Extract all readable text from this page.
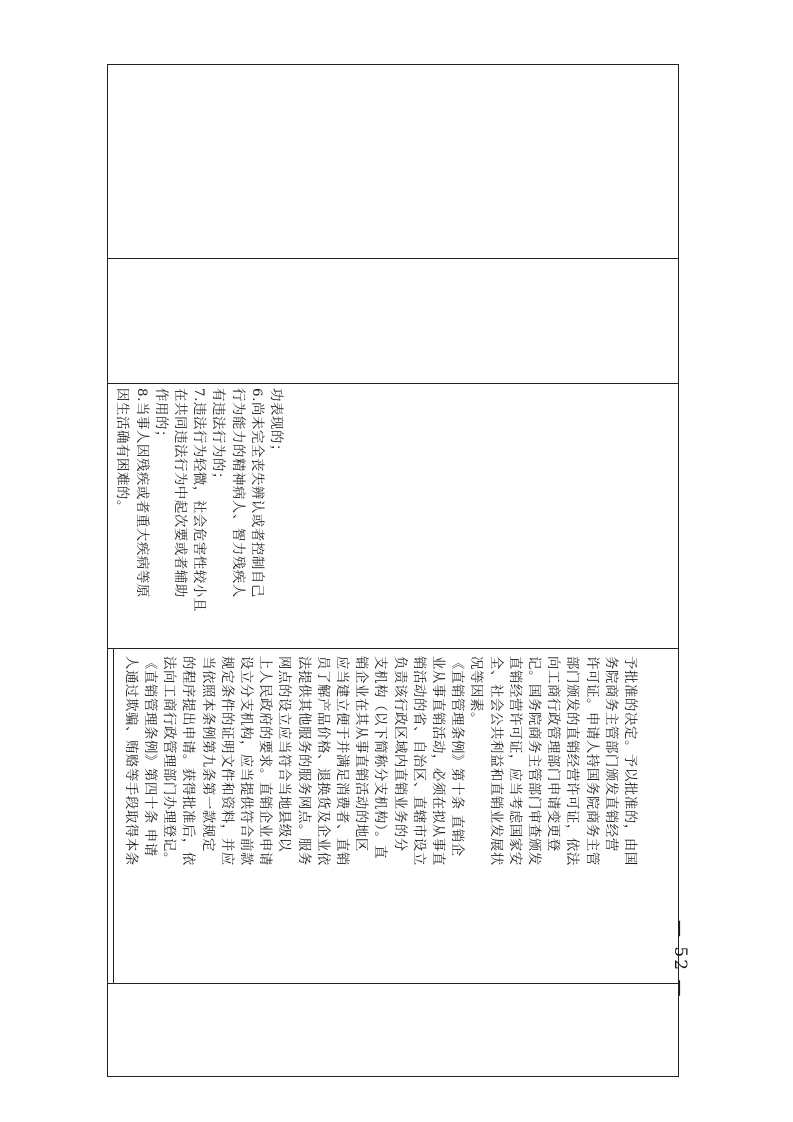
予批准的决定。予以批准的，由国

务院商务主管部门颁发直销经营

许可证。申请人持国务院商务主管

部门颁发的直销经营许可证，依法

向工商行政管理部门申请变更登

记。国务院商务主管部门审查颁发

直销经营许可证，应当考虑国家安

全、社会公共利益和直销业发展状

况等因素。

《直销管理条例》第十条 直销企

业从事直销活动，必须在拟从事直

销活动的省、自治区、直辖市设立

负责该行政区域内直销业务的分

支机构（以下简称分支机构）。直

销企业在其从事直销活动的地区

应当建立便于并满足消费者、直销

员了解产品价格、退换货及企业依

法提供其他服务的服务网点。服务

网点的设立应当符合当地县级以

上人民政府的要求。直销企业申请

设立分支机构，应当提供符合前款

规定条件的证明文件和资料，并应

当依照本条例第九条第一款规定

的程序提出申请。获得批准后，依

法向工商行政管理部门办理登记。

《直销管理条例》第四十条 申请

人通过欺骗、贿赂等手段取得本条

功表现的；

6.尚未完全丧失辨认或者控制自己

行为能力的精神病人、智力残疾人

有违法行为的；

7.违法行为轻微，社会危害性较小且

在共同违法行为中起次要或者辅助

作用的；

8.当事人因残疾或者重大疾病等原

因生活确有困难的。

— 52 —
